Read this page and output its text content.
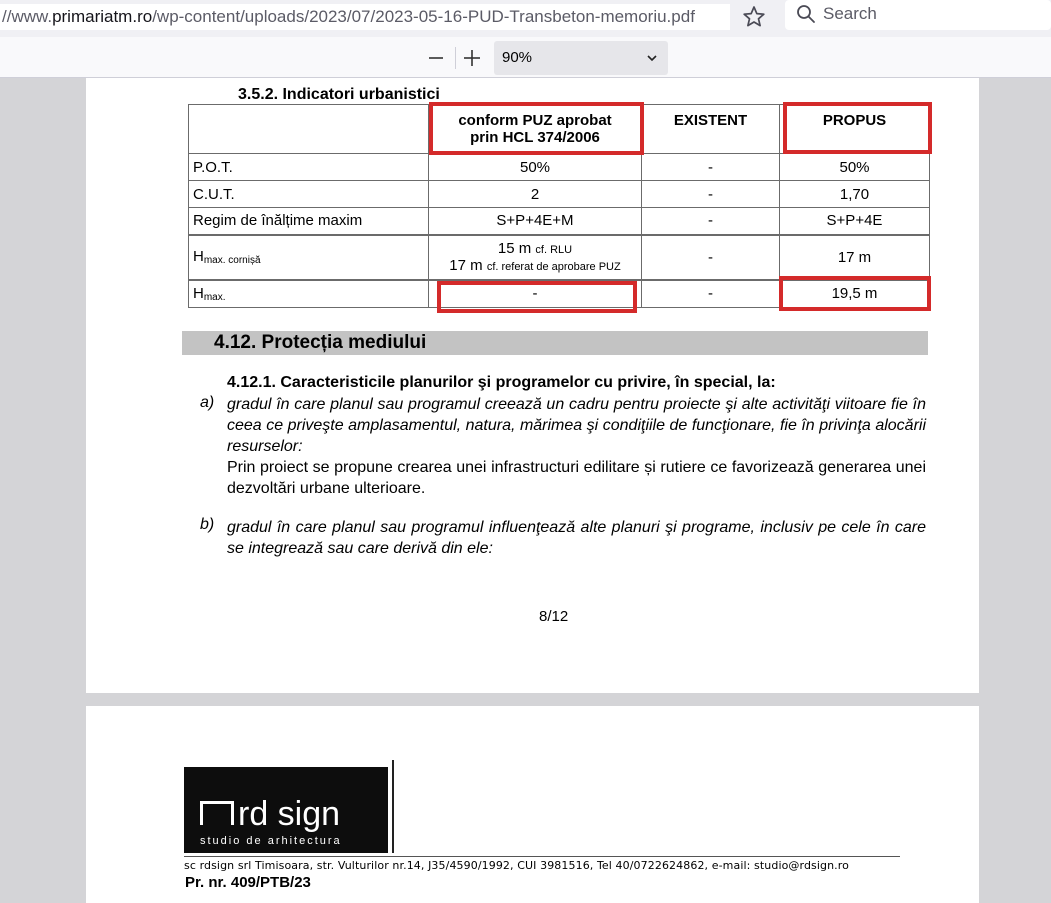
//www.primariatm.ro/wp-content/uploads/2023/07/2023-05-16-PUD-Transbeton-memoriu.pdf	Search
90%
3.5.2. Indicatori urbanistici
	conform PUZ aprobat
prin HCL 374/2006	EXISTENT	PROPUS
P.O.T.	50%	-	50%
C.U.T.	2	-	1,70
Regim de înălțime maxim	S+P+4E+M	-	S+P+4E
$H_{max. cornișă}$	15 m cf. RLU
17 m cf. referat de aprobare PUZ	-	17 m
$H_{max.}$	-	-	19,5 m
4.12. Protecția mediului
4.12.1. Caracteristicile planurilor şi programelor cu privire, în special, la:
a) gradul în care planul sau programul creează un cadru pentru proiecte şi alte activităţi viitoare fie în ceea ce priveşte amplasamentul, natura, mărimea şi condiţiile de funcţionare, fie în privinţa alocării resurselor:
Prin proiect se propune crearea unei infrastructuri edilitare și rutiere ce favorizează generarea unei dezvoltări urbane ulterioare.
b) gradul în care planul sau programul influenţează alte planuri şi programe, inclusiv pe cele în care se integrează sau care derivă din ele:
8/12
rd sign
studio de arhitectura
sc rdsign srl Timisoara, str. Vulturilor nr.14, J35/4590/1992, CUI 3981516, Tel 40/0722624862, e-mail: studio@rdsign.ro
Pr. nr. 409/PTB/23
